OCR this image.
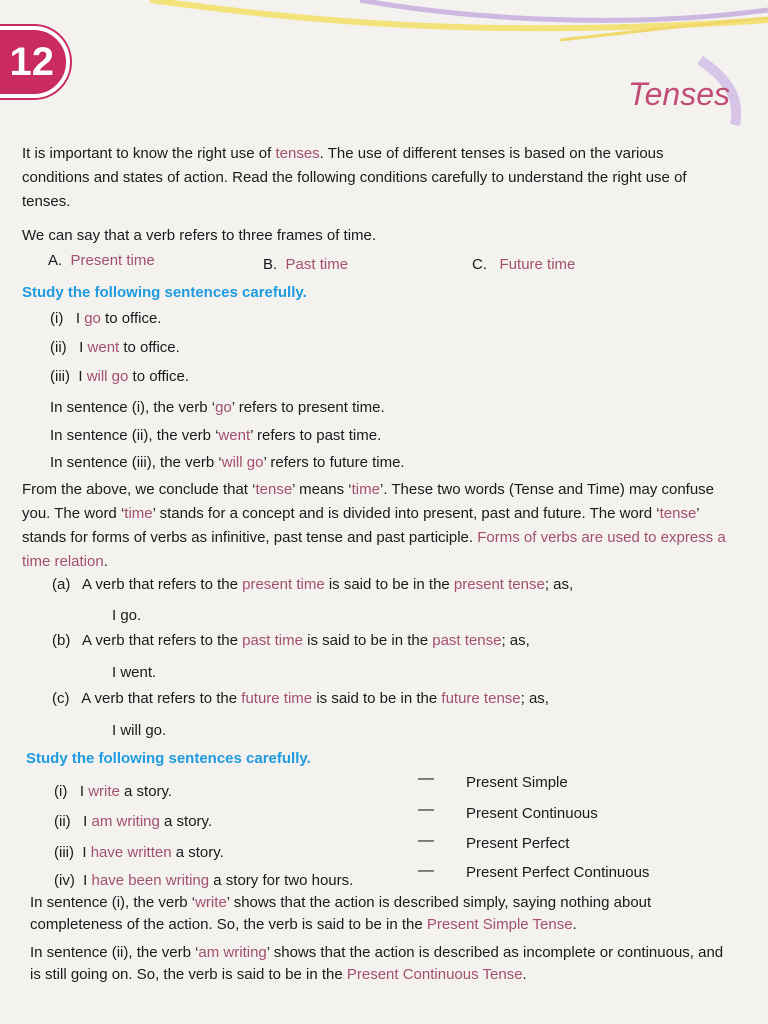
12
Tenses

It is important to know the right use of tenses. The use of different tenses is based on the various conditions and states of action. Read the following conditions carefully to understand the right use of tenses.

We can say that a verb refers to three frames of time.

A. Present time	B. Past time	C. Future time
Study the following sentences carefully.
(i) I go to office.
(ii) I went to office.
(iii) I will go to office.
In sentence (i), the verb ‘go’ refers to present time.
In sentence (ii), the verb ‘went’ refers to past time.
In sentence (iii), the verb ‘will go’ refers to future time.

From the above, we conclude that ‘tense’ means ‘time’. These two words (Tense and Time) may confuse you. The word ‘time’ stands for a concept and is divided into present, past and future. The word ‘tense’ stands for forms of verbs as infinitive, past tense and past participle. Forms of verbs are used to express a time relation.

(a) A verb that refers to the present time is said to be in the present tense; as,
I go.
(b) A verb that refers to the past time is said to be in the past tense; as,
I went.
(c) A verb that refers to the future time is said to be in the future tense; as,
I will go.
Study the following sentences carefully.
(i) I write a story.
(ii) I am writing a story.
(iii) I have written a story.
(iv) I have been writing a story for two hours.
— Present Simple
— Present Continuous
— Present Perfect
— Present Perfect Continuous

In sentence (i), the verb ‘write’ shows that the action is described simply, saying nothing about completeness of the action. So, the verb is said to be in the Present Simple Tense.

In sentence (ii), the verb ‘am writing’ shows that the action is described as incomplete or continuous, and is still going on. So, the verb is said to be in the Present Continuous Tense.
